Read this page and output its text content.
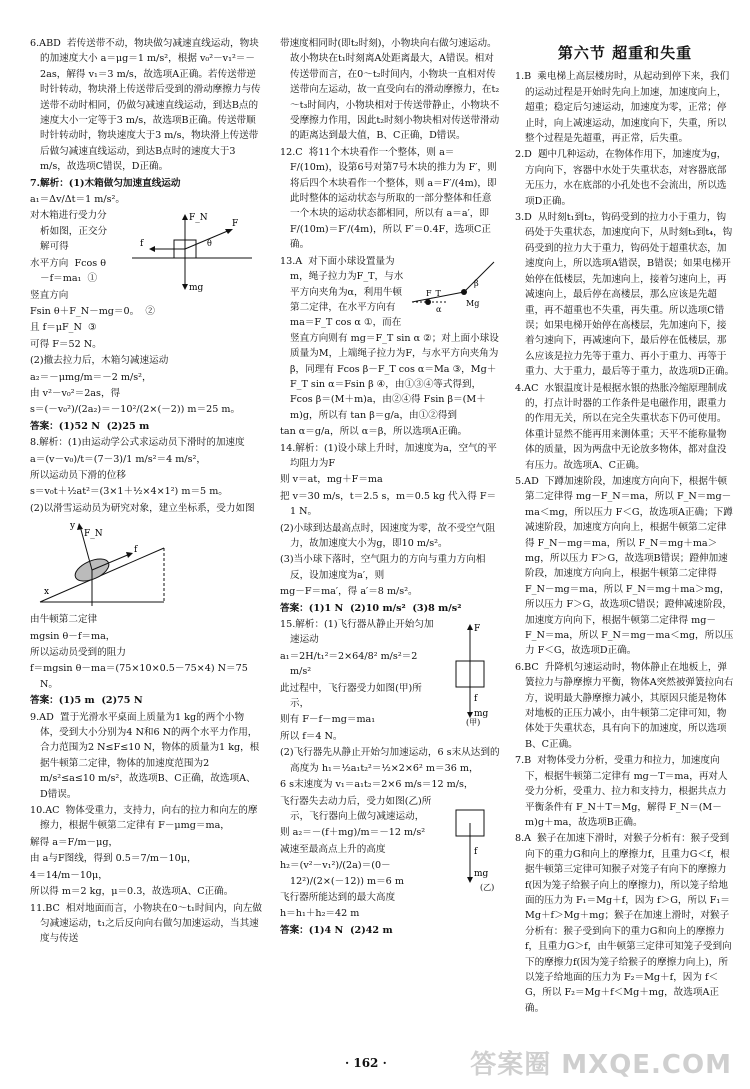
6.ABD  若传送带不动，物块做匀减速直线运动，物块的加速度大小 a＝μg＝1 m/s²，根据 v₀²－v₁²＝－2as，解得 v₁＝3 m/s，故选项A正确。若传送带逆时针转动，物块滑上传送带后受到的滑动摩擦力与传送带不动时相同，仍做匀减速直线运动，到达B点的速度大小一定等于3 m/s，故选项B正确。传送带顺时针转动时，物块速度大于3 m/s，物块滑上传送带后做匀减速直线运动，到达B点时的速度大于3 m/s，故选项C错误，D正确。

7.解析：(1)木箱做匀加速直线运动

a₁＝Δv/Δt＝1 m/s²。

F_N
F
θ
f
mg

对木箱进行受力分析如图，正交分解可得

水平方向  Fcos θ－f＝ma₁  ①

竖直方向

Fsin θ＋F_N－mg＝0。  ②

且 f＝μF_N  ③

可得 F＝52 N。

(2)撤去拉力后，木箱匀减速运动

a₂＝－μmg/m＝－2 m/s²，

由 v²－v₀²＝2as，得

s＝(－v₀²)/(2a₂)＝－10²/(2×(－2)) m＝25 m。

答案：(1)52 N  (2)25 m

8.解析：(1)由运动学公式求运动员下滑时的加速度

a＝(v－v₀)/t＝(7－3)/1 m/s²＝4 m/s²，

所以运动员下滑的位移

s＝v₀t＋½at²＝(3×1＋½×4×1²) m＝5 m。

(2)以滑雪运动员为研究对象，建立坐标系，受力如图

y
F_N
f
x

由牛顿第二定律

mgsin θ－f＝ma，

所以运动员受到的阻力

f＝mgsin θ－ma＝(75×10×0.5－75×4) N＝75 N。

答案：(1)5 m  (2)75 N

9.AD  置于光滑水平桌面上质量为1 kg的两个小物体，受到大小分别为4 N和6 N的两个水平力作用，合力范围为2 N≤F≤10 N，物体的质量为1 kg，根据牛顿第二定律，物体的加速度范围为2 m/s²≤a≤10 m/s²，故选项B、C正确，故选项A、D错误。

10.AC  物体受重力，支持力，向右的拉力和向左的摩擦力，根据牛顿第二定律有 F－μmg＝ma，

解得 a＝F/m－μg，

由 a与F图线，得到 0.5＝7/m－10μ，

4＝14/m－10μ，

所以得 m＝2 kg，μ＝0.3，故选项A、C正确。

11.BC  相对地面而言，小物块在0～t₁时间内，向左做匀减速运动，t₁之后反向向右做匀加速运动，当其速度与传送

带速度相同时(即t₂时刻)，小物块向右做匀速运动。故小物块在t₁时刻离A处距离最大，A错误。相对传送带而言，在0～t₂时间内，小物块一直相对传送带向左运动，故一直受向右的滑动摩擦力，在t₂～t₃时间内，小物块相对于传送带静止，小物块不受摩擦力作用，因此t₂时刻小物块相对传送带滑动的距离达到最大值，B、C正确，D错误。

12.C  将11个木块看作一个整体，则 a＝F/(10m)，设第6号对第7号木块的推力为 F′，则将后四个木块看作一个整体，则 a＝F′/(4m)，即此时整体的运动状态与所取的一部分整体和任意一个木块的运动状态都相同，所以有 a＝a′，即 F/(10m)＝F′/(4m)，所以 F′＝0.4F，选项C正确。

F_T
α
β
Mg

13.A  对下面小球设置量为m，绳子拉力为F_T，与水平方向夹角为α，利用牛顿第二定律，在水平方向有 ma＝F_T cos α ①，而在竖直方向则有 mg＝F_T sin α ②；对上面小球设质量为M，上端绳子拉力为F，与水平方向夹角为β，同理有 Fcos β－F_T cos α＝Ma ③，Mg＋F_T sin α＝Fsin β ④，由①③④等式得到，Fcos β＝(M＋m)a，由②④得 Fsin β＝(M＋m)g，所以有 tan β＝g/a，由①②得到

tan α＝g/a，所以 α＝β，所以选项A正确。

14.解析：(1)设小球上升时，加速度为a，空气的平均阻力为F

则 v＝at，mg＋F＝ma

把 v＝30 m/s，t＝2.5 s，m＝0.5 kg 代入得 F＝1 N。

(2)小球到达最高点时，因速度为零，故不受空气阻力，故加速度大小为g，即10 m/s²。

(3)当小球下落时，空气阻力的方向与重力方向相反，设加速度为a′，则

mg－F＝ma′，得 a′＝8 m/s²。

答案：(1)1 N  (2)10 m/s²  (3)8 m/s²

F
f
mg
(甲)

15.解析：(1)飞行器从静止开始匀加速运动

a₁＝2H/t₁²＝2×64/8² m/s²＝2 m/s²

此过程中，飞行器受力如图(甲)所示，

则有 F－f－mg＝ma₁

所以 f＝4 N。

(2)飞行器先从静止开始匀加速运动，6 s末从达到的高度为 h₁＝½a₁t₂²＝½×2×6² m＝36 m，

6 s末速度为 v₁＝a₁t₂＝2×6 m/s＝12 m/s，

f
mg
(乙)

飞行器失去动力后，受力如图(乙)所示，飞行器向上做匀减速运动，

则 a₂＝－(f＋mg)/m＝－12 m/s²

减速至最高点上升的高度

h₂＝(v²－v₁²)/(2a)＝(0－12²)/(2×(－12)) m＝6 m

飞行器所能达到的最大高度

h＝h₁＋h₂＝42 m

答案：(1)4 N  (2)42 m

第六节 超重和失重

1.B  乘电梯上高层楼房时，从起动到停下来，我们的运动过程是开始时先向上加速，加速度向上，超重；稳定后匀速运动，加速度为零，正常；停止时，向上减速运动，加速度向下，失重，所以整个过程是先超重，再正常，后失重。

2.D  题中几种运动，在物体作用下，加速度为g，方向向下，容器中水处于失重状态，对容器底部无压力，水在底部的小孔处也不会流出，所以选项D正确。

3.D  从时刻t₁到t₂，钩码受到的拉力小于重力，钩码处于失重状态，加速度向下，从时刻t₃到t₄，钩码受到的拉力大于重力，钩码处于超重状态，加速度向上，所以选项A错误，B错误；如果电梯开始停在低楼层，先加速向上，接着匀速向上，再减速向上，最后停在高楼层，那么应该是先超重，再不超重也不失重，再失重。所以选项C错误；如果电梯开始停在高楼层，先加速向下，接着匀速向下，再减速向下，最后停在低楼层，那么应该是拉力先等于重力、再小于重力、再等于重力、大于重力，最后等于重力，故选项D正确。

4.AC  水银温度计是根据水银的热胀冷缩原理制成的，打点计时器的工作条件是电磁作用，跟重力的作用无关，所以在完全失重状态下仍可使用。体重计显然不能再用来测体重；天平不能称量物体的质量，因为两盘中无论放多物体，都对盘没有压力。故选项A、C正确。

5.AD  下蹲加速阶段，加速度方向向下，根据牛顿第二定律得 mg－F_N＝ma，所以 F_N＝mg－ma＜mg，所以压力 F＜G，故选项A正确；下蹲减速阶段，加速度方向向上，根据牛顿第二定律得 F_N－mg＝ma，所以 F_N＝mg＋ma＞mg，所以压力 F＞G，故选项B错误；蹬伸加速阶段，加速度方向向上，根据牛顿第二定律得 F_N－mg＝ma，所以 F_N＝mg＋ma＞mg，所以压力 F＞G，故选项C错误；蹬伸减速阶段，加速度方向向下，根据牛顿第二定律得 mg－F_N＝ma，所以 F_N＝mg－ma＜mg，所以压力 F＜G，故选项D正确。

6.BC  升降机匀速运动时，物体静止在地板上，弹簧拉力与静摩擦力平衡，物体A突然被弹簧拉向右方，说明最大静摩擦力减小，其原因只能是物体对地板的正压力减小，由牛顿第二定律可知，物体处于失重状态，具有向下的加速度，所以选项B、C正确。

7.B  对物体受力分析，受重力和拉力，加速度向下，根据牛顿第二定律有 mg－T＝ma，再对人受力分析，受重力、拉力和支持力，根据共点力平衡条件有 F_N＋T＝Mg，解得 F_N＝(M－m)g＋ma，故选项B正确。

8.A  猴子在加速下滑时，对猴子分析有：猴子受到向下的重力G和向上的摩擦力f，且重力G＜f，根据牛顿第三定律可知猴子对笼子有向下的摩擦力f(因为笼子给猴子向上的摩擦力)，所以笼子给地面的压力为 F₁＝Mg＋f，因为 f＞G，所以 F₁＝Mg＋f＞Mg＋mg；猴子在加速上滑时，对猴子分析有：猴子受到向下的重力G和向上的摩擦力f，且重力G＞f，由牛顿第三定律可知笼子受到向下的摩擦力f(因为笼子给猴子的摩擦力向上)，所以笼子给地面的压力为 F₂＝Mg＋f，因为 f＜G，所以 F₂＝Mg＋f＜Mg＋mg，故选项A正确。

· 162 ·	答案圈 MXQE.COM
